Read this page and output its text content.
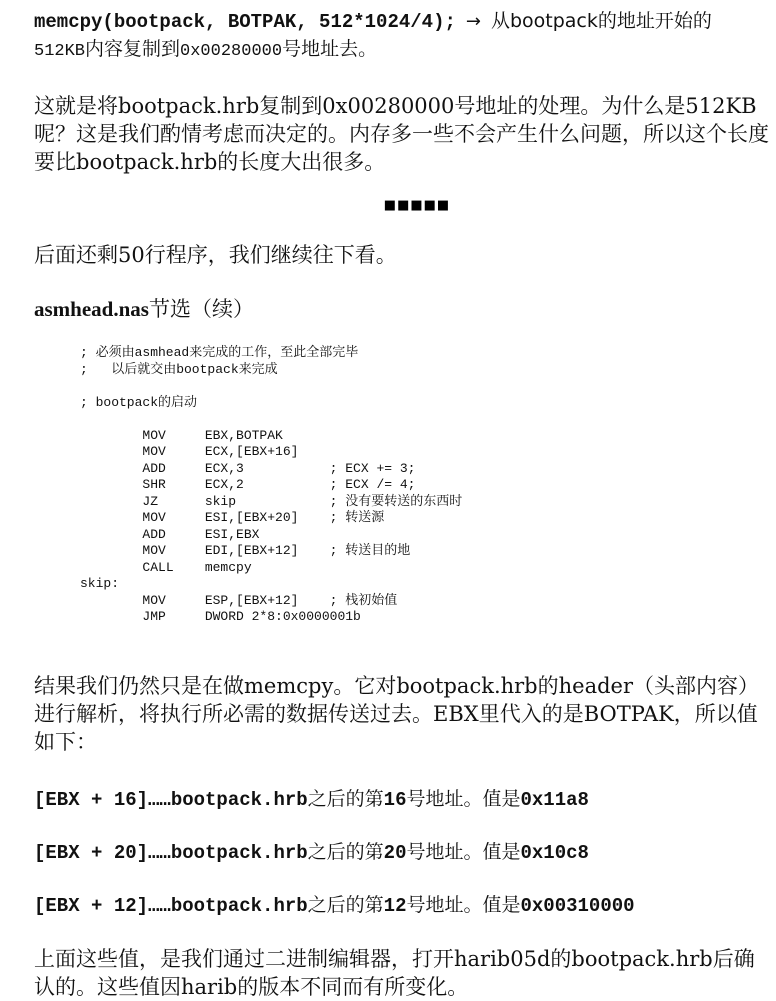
memcpy(bootpack, BOTPAK, 512*1024/4); → 从bootpack的地址开始的
512KB内容复制到0x00280000号地址去。

这就是将bootpack.hrb复制到0x00280000号地址的处理。为什么是512KB呢？这是我们酌情考虑而决定的。内存多一些不会产生什么问题，所以这个长度要比bootpack.hrb的长度大出很多。

■■■■■

后面还剩50行程序，我们继续往下看。

asmhead.nas节选（续）
; 必须由asmhead来完成的工作，至此全部完毕
;   以后就交由bootpack来完成

; bootpack的启动

MOV     EBX,BOTPAK
MOV     ECX,[EBX+16]
ADD     ECX,3           ; ECX += 3;
SHR     ECX,2           ; ECX /= 4;
JZ      skip            ; 没有要转送的东西时
MOV     ESI,[EBX+20]    ; 转送源
ADD     ESI,EBX
MOV     EDI,[EBX+12]    ; 转送目的地
CALL    memcpy
skip:
MOV     ESP,[EBX+12]    ; 栈初始值
JMP     DWORD 2*8:0x0000001b

结果我们仍然只是在做memcpy。它对bootpack.hrb的header（头部内容）进行解析，将执行所必需的数据传送过去。EBX里代入的是BOTPAK，所以值如下：

[EBX + 16]……bootpack.hrb之后的第16号地址。值是0x11a8
[EBX + 20]……bootpack.hrb之后的第20号地址。值是0x10c8
[EBX + 12]……bootpack.hrb之后的第12号地址。值是0x00310000

上面这些值，是我们通过二进制编辑器，打开harib05d的bootpack.hrb后确认的。这些值因harib的版本不同而有所变化。
